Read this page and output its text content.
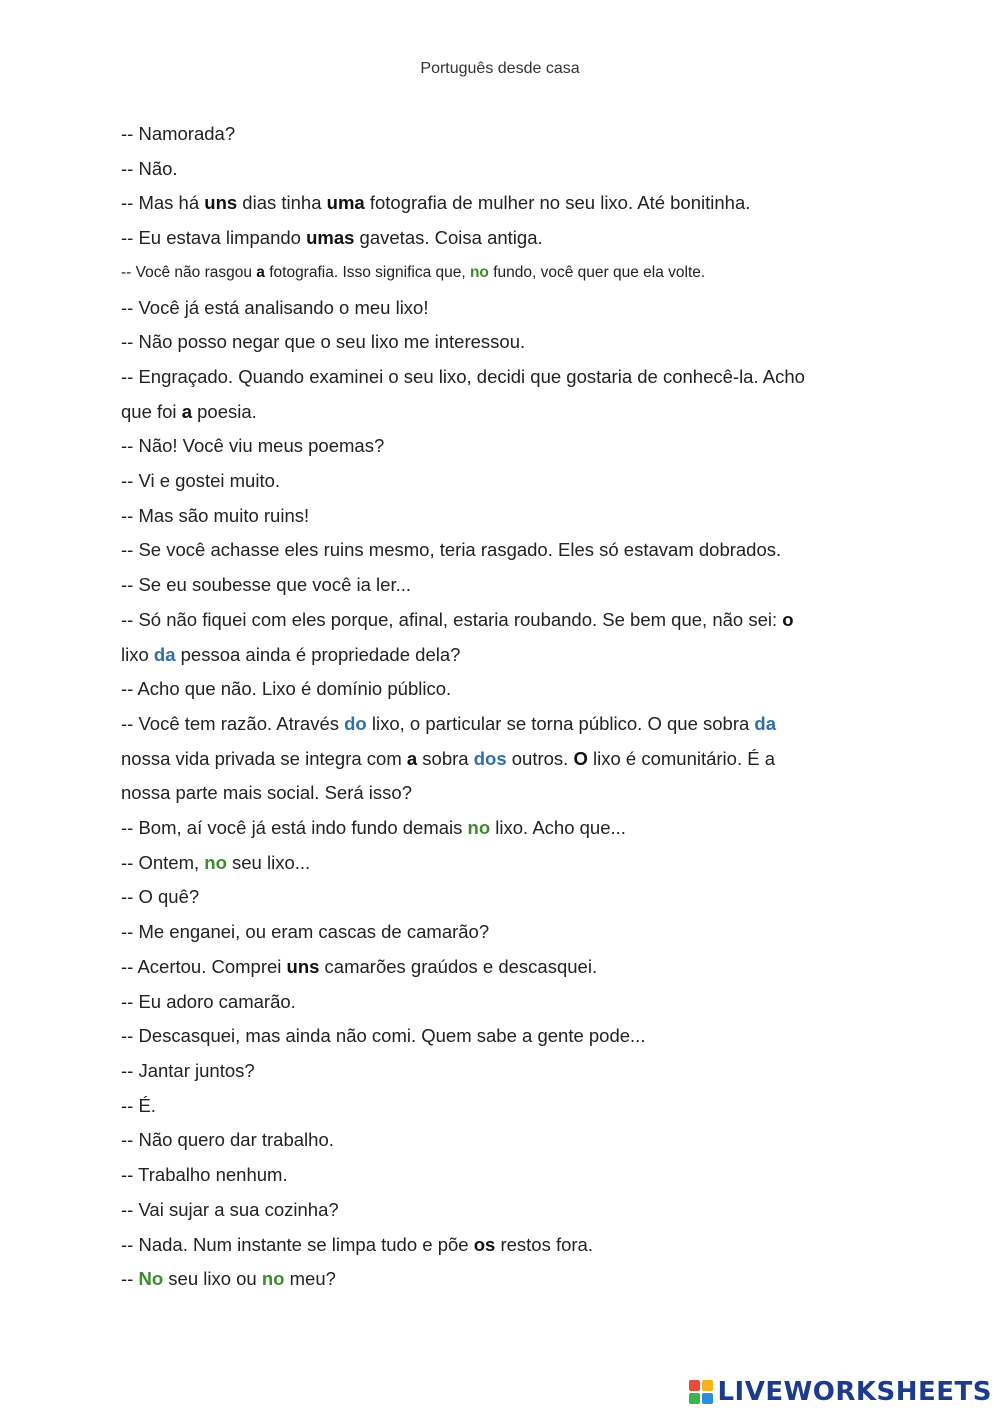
Português desde casa

-- Namorada?

-- Não.

-- Mas há uns dias tinha uma fotografia de mulher no seu lixo. Até bonitinha.

-- Eu estava limpando umas gavetas. Coisa antiga.

-- Você não rasgou a fotografia. Isso significa que, no fundo, você quer que ela volte.

-- Você já está analisando o meu lixo!

-- Não posso negar que o seu lixo me interessou.

-- Engraçado. Quando examinei o seu lixo, decidi que gostaria de conhecê-la. Acho

que foi a poesia.

-- Não! Você viu meus poemas?

-- Vi e gostei muito.

-- Mas são muito ruins!

-- Se você achasse eles ruins mesmo, teria rasgado. Eles só estavam dobrados.

-- Se eu soubesse que você ia ler...

-- Só não fiquei com eles porque, afinal, estaria roubando. Se bem que, não sei: o

lixo da pessoa ainda é propriedade dela?

-- Acho que não. Lixo é domínio público.

-- Você tem razão. Através do lixo, o particular se torna público. O que sobra da

nossa vida privada se integra com a sobra dos outros. O lixo é comunitário. É a

nossa parte mais social. Será isso?

-- Bom, aí você já está indo fundo demais no lixo. Acho que...

-- Ontem, no seu lixo...

-- O quê?

-- Me enganei, ou eram cascas de camarão?

-- Acertou. Comprei uns camarões graúdos e descasquei.

-- Eu adoro camarão.

-- Descasquei, mas ainda não comi. Quem sabe a gente pode...

-- Jantar juntos?

-- É.

-- Não quero dar trabalho.

-- Trabalho nenhum.

-- Vai sujar a sua cozinha?

-- Nada. Num instante se limpa tudo e põe os restos fora.

-- No seu lixo ou no meu?

LIVEWORKSHEETS
